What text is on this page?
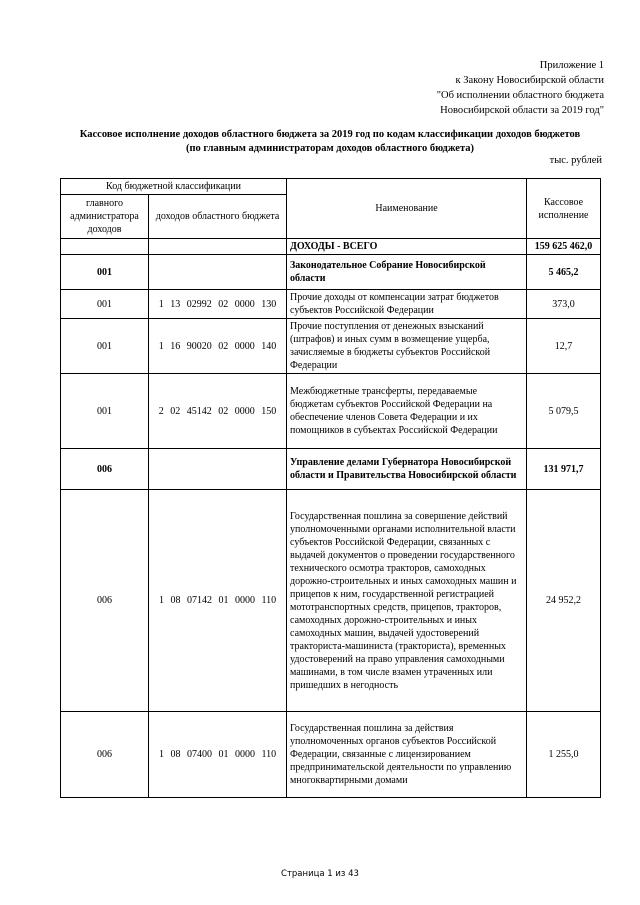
Приложение 1
к Закону Новосибирской области
"Об исполнении областного бюджета
Новосибирской области за 2019 год"
Кассовое исполнение доходов областного бюджета за 2019 год по кодам классификации доходов бюджетов
(по главным администраторам доходов областного бюджета)
тыс. рублей
Код бюджетной классификации		Наименование	Кассовое исполнение
главного администратора доходов	доходов областного бюджета		
		ДОХОДЫ - ВСЕГО	159 625 462,0
001		Законодательное Собрание Новосибирской области	5 465,2
001	1 13 02992 02 0000 130	Прочие доходы от компенсации затрат бюджетов субъектов Российской Федерации	373,0
001	1 16 90020 02 0000 140	Прочие поступления от денежных взысканий (штрафов) и иных сумм в возмещение ущерба, зачисляемые в бюджеты субъектов Российской Федерации	12,7
001	2 02 45142 02 0000 150	Межбюджетные трансферты, передаваемые бюджетам субъектов Российской Федерации на обеспечение членов Совета Федерации и их помощников в субъектах Российской Федерации	5 079,5
006		Управление делами Губернатора Новосибирской области и Правительства Новосибирской области	131 971,7
006	1 08 07142 01 0000 110	Государственная пошлина за совершение действий уполномоченными органами исполнительной власти субъектов Российской Федерации, связанных с выдачей документов о проведении государственного технического осмотра тракторов, самоходных дорожно-строительных и иных самоходных машин и прицепов к ним, государственной регистрацией мототранспортных средств, прицепов, тракторов, самоходных дорожно-строительных и иных самоходных машин, выдачей удостоверений тракториста-машиниста (тракториста), временных удостоверений на право управления самоходными машинами, в том числе взамен утраченных или пришедших в негодность	24 952,2
006	1 08 07400 01 0000 110	Государственная пошлина за действия уполномоченных органов субъектов Российской Федерации, связанные с лицензированием предпринимательской деятельности по управлению многоквартирными домами	1 255,0
Страница 1 из 43
